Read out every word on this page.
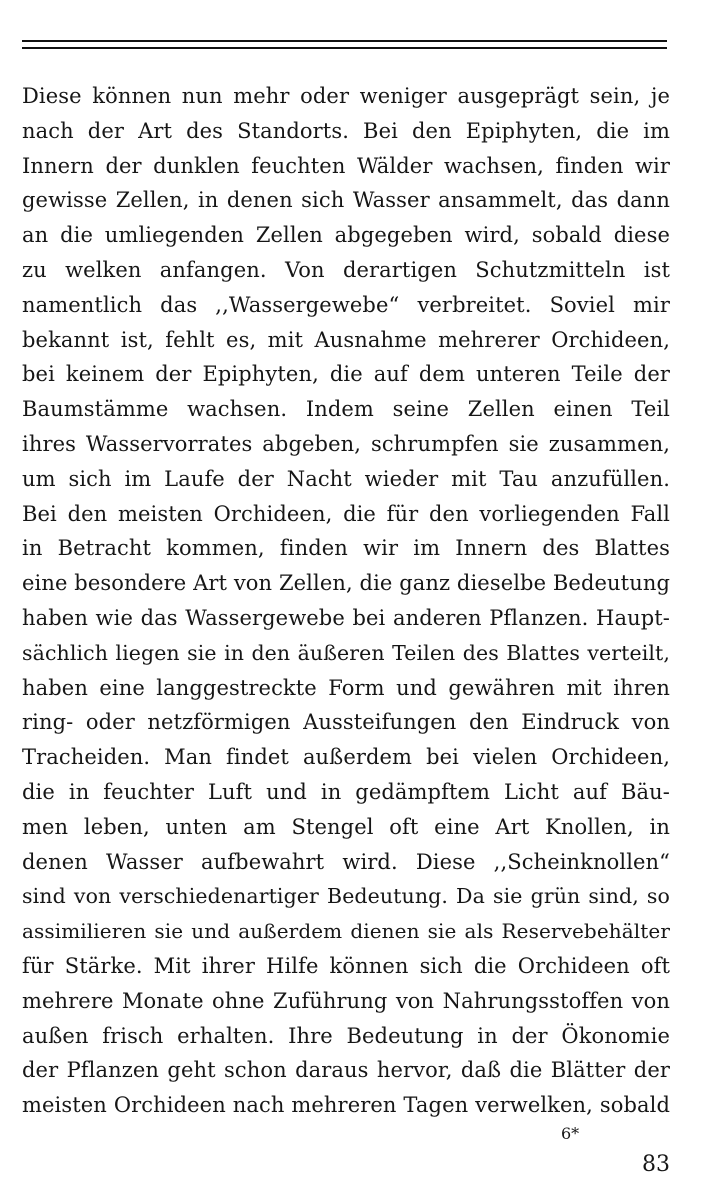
Diese können nun mehr oder weniger ausgeprägt sein, je
nach der Art des Standorts. Bei den Epiphyten, die im
Innern der dunklen feuchten Wälder wachsen, finden wir
gewisse Zellen, in denen sich Wasser ansammelt, das dann
an die umliegenden Zellen abgegeben wird, sobald diese
zu welken anfangen. Von derartigen Schutzmitteln ist
namentlich das ,,Wassergewebe“ verbreitet. Soviel mir
bekannt ist, fehlt es, mit Ausnahme mehrerer Orchideen,
bei keinem der Epiphyten, die auf dem unteren Teile der
Baumstämme wachsen. Indem seine Zellen einen Teil
ihres Wasservorrates abgeben, schrumpfen sie zusammen,
um sich im Laufe der Nacht wieder mit Tau anzufüllen.
Bei den meisten Orchideen, die für den vorliegenden Fall
in Betracht kommen, finden wir im Innern des Blattes
eine besondere Art von Zellen, die ganz dieselbe Bedeutung
haben wie das Wassergewebe bei anderen Pflanzen. Haupt-
sächlich liegen sie in den äußeren Teilen des Blattes verteilt,
haben eine langgestreckte Form und gewähren mit ihren
ring- oder netzförmigen Aussteifungen den Eindruck von
Tracheiden. Man findet außerdem bei vielen Orchideen,
die in feuchter Luft und in gedämpftem Licht auf Bäu-
men leben, unten am Stengel oft eine Art Knollen, in
denen Wasser aufbewahrt wird. Diese ,,Scheinknollen“
sind von verschiedenartiger Bedeutung. Da sie grün sind, so
assimilieren sie und außerdem dienen sie als Reservebehälter
für Stärke. Mit ihrer Hilfe können sich die Orchideen oft
mehrere Monate ohne Zuführung von Nahrungsstoffen von
außen frisch erhalten. Ihre Bedeutung in der Ökonomie
der Pflanzen geht schon daraus hervor, daß die Blätter der
meisten Orchideen nach mehreren Tagen verwelken, sobald
6*
83
